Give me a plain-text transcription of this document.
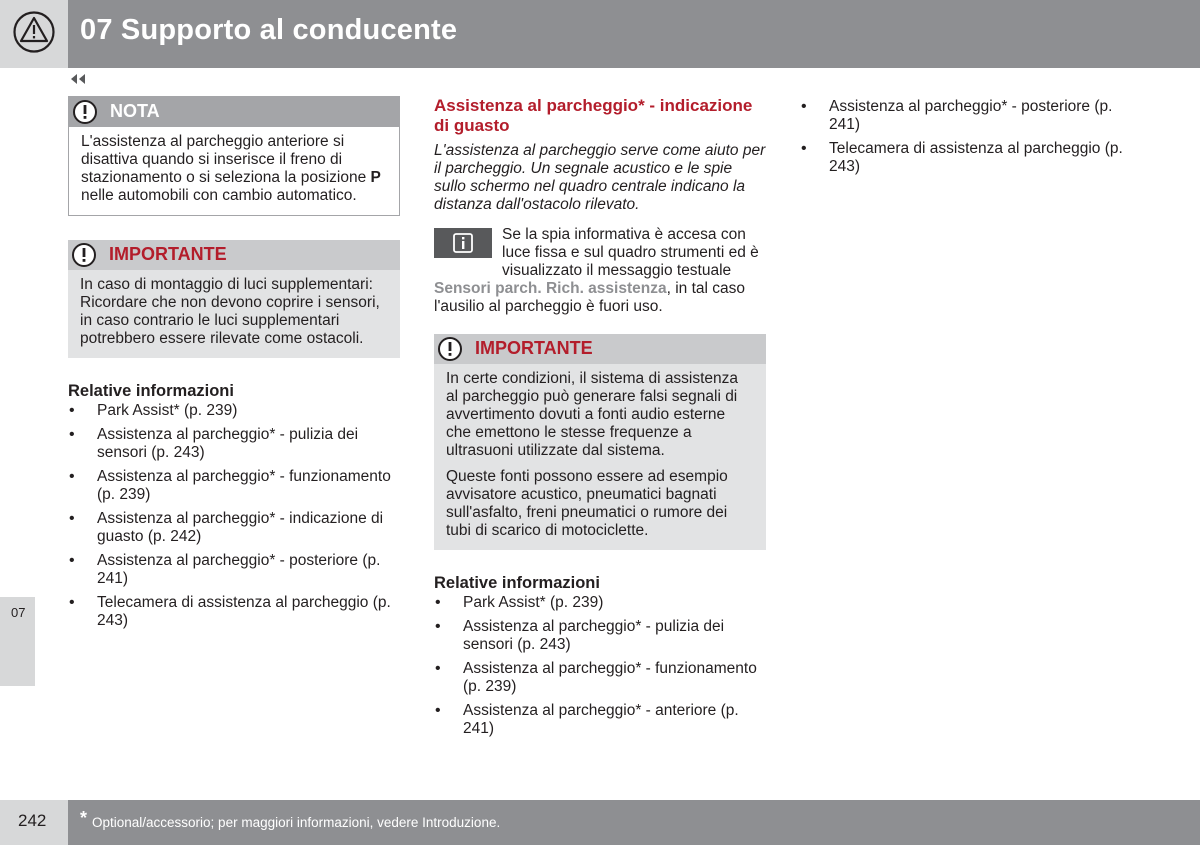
07 Supporto al conducente
07
NOTA

L'assistenza al parcheggio anteriore si disattiva quando si inserisce il freno di stazionamento o si seleziona la posizione P nelle automobili con cambio automatico.

IMPORTANTE

In caso di montaggio di luci supplementari: Ricordare che non devono coprire i sensori, in caso contrario le luci supplementari potrebbero essere rilevate come ostacoli.

Relative informazioni
• Park Assist* (p. 239)
• Assistenza al parcheggio* - pulizia dei sensori (p. 243)
• Assistenza al parcheggio* - funzionamento (p. 239)
• Assistenza al parcheggio* - indicazione di guasto (p. 242)
• Assistenza al parcheggio* - posteriore (p. 241)
• Telecamera di assistenza al parcheggio (p. 243)
Assistenza al parcheggio* - indicazione di guasto

L'assistenza al parcheggio serve come aiuto per il parcheggio. Un segnale acustico e le spie sullo schermo nel quadro centrale indicano la distanza dall'ostacolo rilevato.

Se la spia informativa è accesa con luce fissa e sul quadro strumenti ed è visualizzato il messaggio testuale

Sensori parch. Rich. assistenza, in tal caso l'ausilio al parcheggio è fuori uso.

IMPORTANTE

In certe condizioni, il sistema di assistenza al parcheggio può generare falsi segnali di avvertimento dovuti a fonti audio esterne che emettono le stesse frequenze a ultrasuoni utilizzate dal sistema.

Queste fonti possono essere ad esempio avvisatore acustico, pneumatici bagnati sull'asfalto, freni pneumatici o rumore dei tubi di scarico di motociclette.

Relative informazioni
• Park Assist* (p. 239)
• Assistenza al parcheggio* - pulizia dei sensori (p. 243)
• Assistenza al parcheggio* - funzionamento (p. 239)
• Assistenza al parcheggio* - anteriore (p. 241)
• Assistenza al parcheggio* - posteriore (p. 241)
• Telecamera di assistenza al parcheggio (p. 243)
242 * Optional/accessorio; per maggiori informazioni, vedere Introduzione.
